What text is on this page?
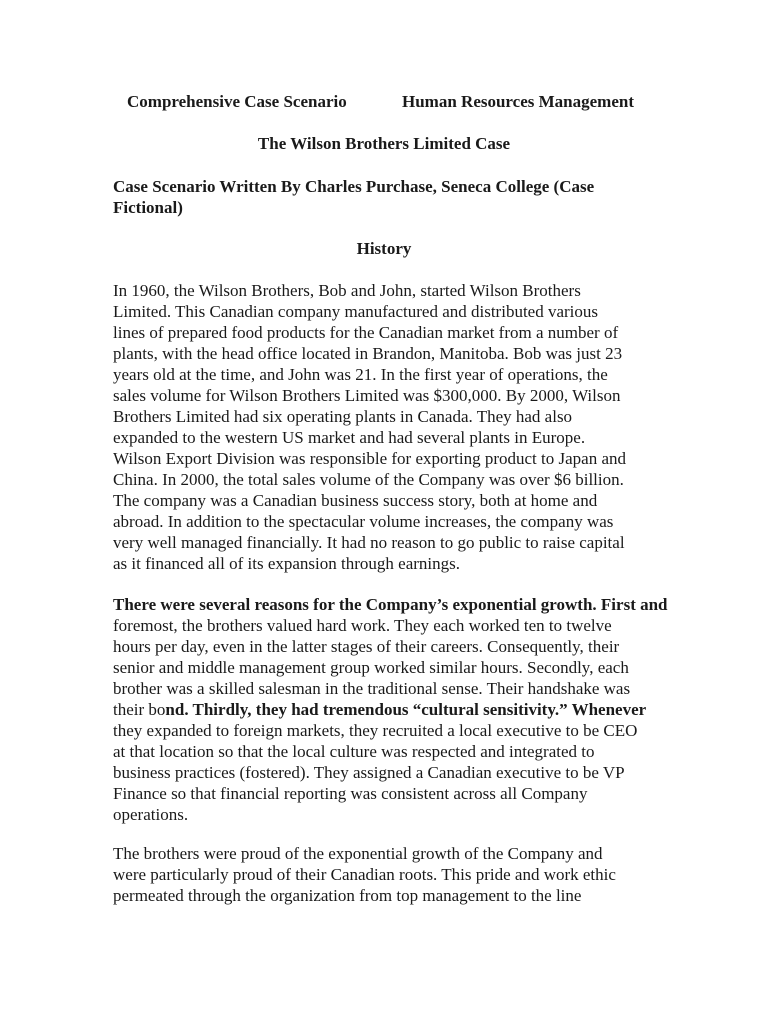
Comprehensive Case Scenario	Human Resources Management
The Wilson Brothers Limited Case
Case Scenario Written By Charles Purchase, Seneca College (Case
Fictional)
History
In 1960, the Wilson Brothers, Bob and John, started Wilson Brothers
Limited. This Canadian company manufactured and distributed various
lines of prepared food products for the Canadian market from a number of
plants, with the head office located in Brandon, Manitoba. Bob was just 23
years old at the time, and John was 21. In the first year of operations, the
sales volume for Wilson Brothers Limited was $300,000. By 2000, Wilson
Brothers Limited had six operating plants in Canada. They had also
expanded to the western US market and had several plants in Europe.
Wilson Export Division was responsible for exporting product to Japan and
China. In 2000, the total sales volume of the Company was over $6 billion.
The company was a Canadian business success story, both at home and
abroad. In addition to the spectacular volume increases, the company was
very well managed financially. It had no reason to go public to raise capital
as it financed all of its expansion through earnings.
There were several reasons for the Company’s exponential growth. First and
foremost, the brothers valued hard work. They each worked ten to twelve
hours per day, even in the latter stages of their careers. Consequently, their
senior and middle management group worked similar hours. Secondly, each
brother was a skilled salesman in the traditional sense. Their handshake was
their bond. Thirdly, they had tremendous “cultural sensitivity.” Whenever
they expanded to foreign markets, they recruited a local executive to be CEO
at that location so that the local culture was respected and integrated to
business practices (fostered). They assigned a Canadian executive to be VP
Finance so that financial reporting was consistent across all Company
operations.
The brothers were proud of the exponential growth of the Company and
were particularly proud of their Canadian roots. This pride and work ethic
permeated through the organization from top management to the line
